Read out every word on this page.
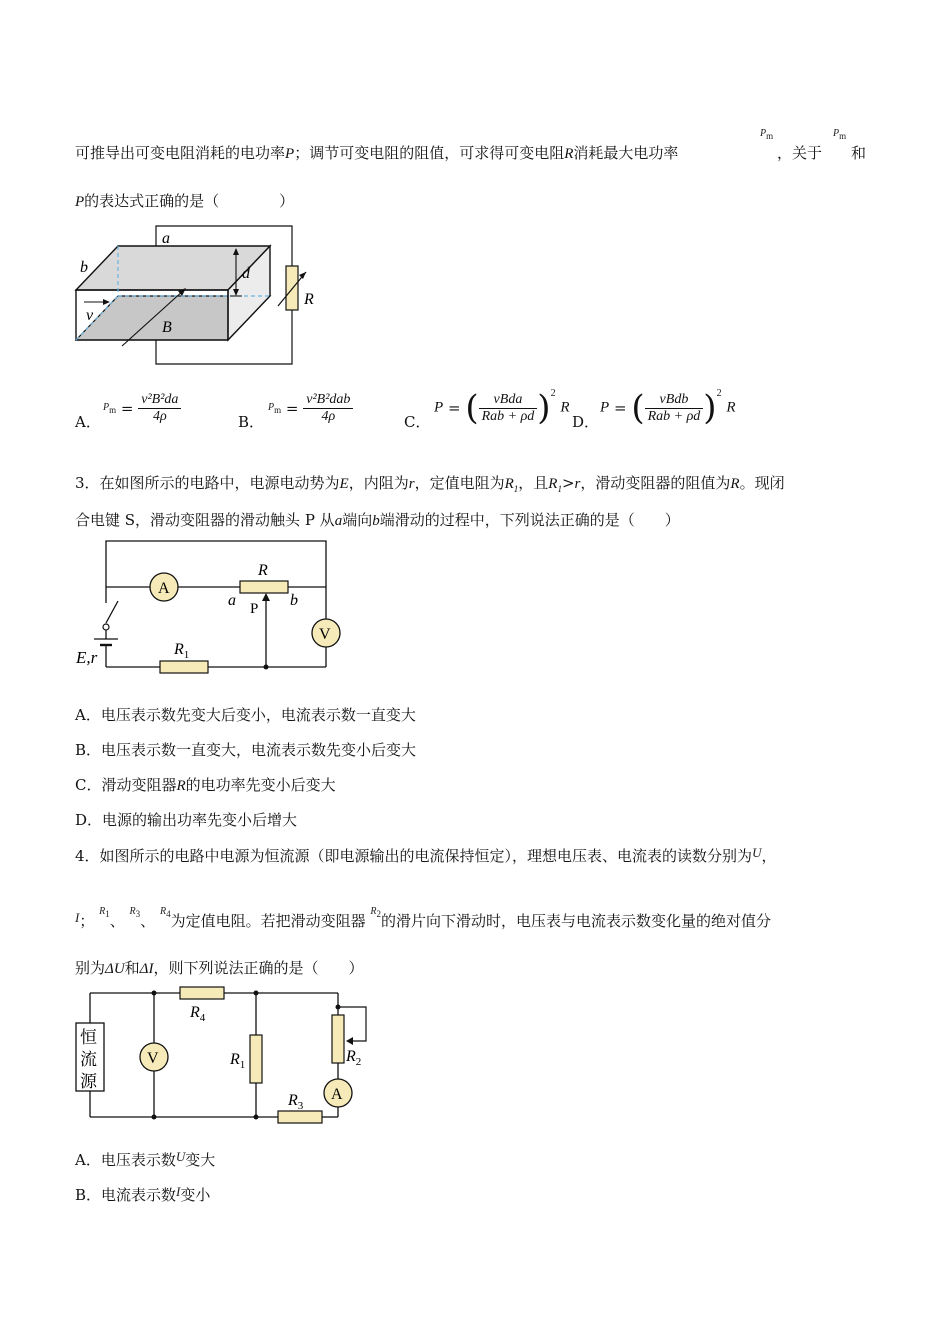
可推导出可变电阻消耗的电功率P；调节可变电阻的阻值，可求得可变电阻R消耗最大电功率
Pm
，关于
Pm
和
P的表达式正确的是（　　　　）
a
b	d
R
v
B
A．
$Pm = \frac{\text{v²B²da}}{4\rho}$	B．
$Pm = \frac{\text{v²B²dab}}{4\rho}$	C．
P = ( $\frac{\text{vBda}}{\text{Rab + ρd}} )^2$ R
D．
P = ( $\frac{\text{vBdb}}{\text{Rab + ρd}} )^2$ R
3．在如图所示的电路中，电源电动势为E，内阻为r，定值电阻为$R_1$，且$R_1>r$，滑动变阻器的阻值为R。现闭
合电键 S，滑动变阻器的滑动触头 P 从a端向b端滑动的过程中，下列说法正确的是（　　）
A
R
a	b
P
V
$R_1$
E,r
A．电压表示数先变大后变小，电流表示数一直变大
B．电压表示数一直变大，电流表示数先变小后变大
C．滑动变阻器R的电功率先变小后变大
D．电源的输出功率先变小后增大
4．如图所示的电路中电源为恒流源（即电源输出的电流保持恒定），理想电压表、电流表的读数分别为U，
I； $^{R1}$、 $^{R3}$、 $^{R4}$为定值电阻。若把滑动变阻器 $^{R2}$的滑片向下滑动时，电压表与电流表示数变化量的绝对值分
别为ΔU和ΔI，则下列说法正确的是（　　）
$R_4$
恒
流
源
$R_3$
V	$R_1$	$R_2$
A
A．电压表示数U变大
B．电流表示数I变小
